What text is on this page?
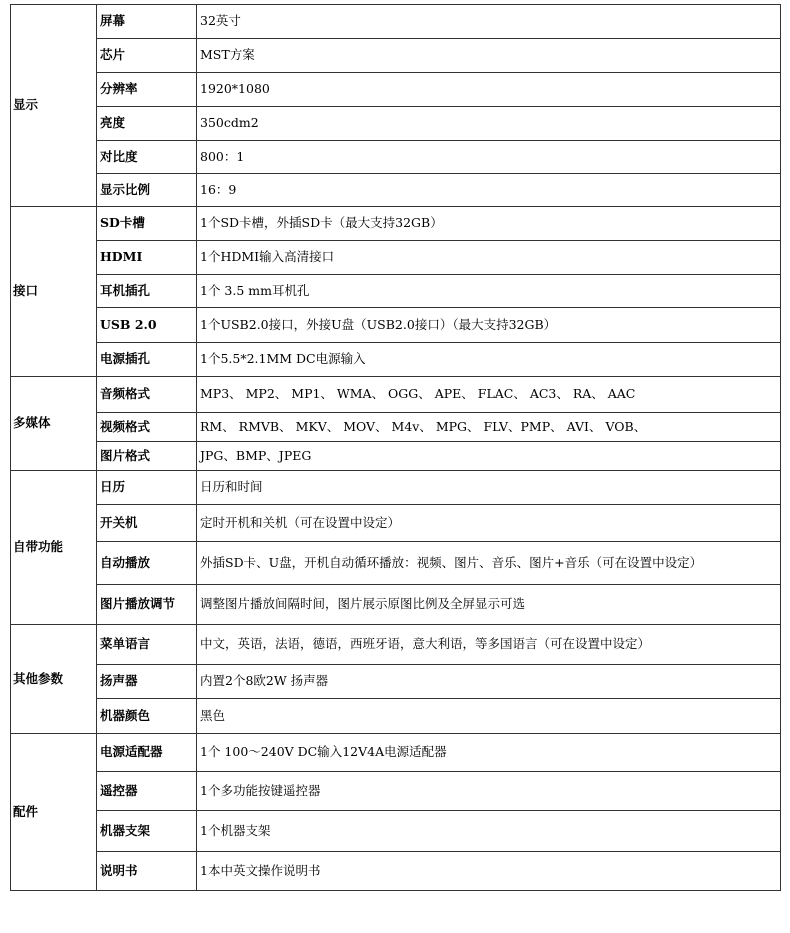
显示	屏幕	32英寸
	芯片	MST方案
	分辨率	1920*1080
	亮度	350cdm2
	对比度	800：1
	显示比例	16：9
接口	SD卡槽	1个SD卡槽，外插SD卡（最大支持32GB）
	HDMI	1个HDMI输入高清接口
	耳机插孔	1个 3.5 mm耳机孔
	USB 2.0	1个USB2.0接口，外接U盘（USB2.0接口）（最大支持32GB）
	电源插孔	1个5.5*2.1MM DC电源输入
多媒体	音频格式	MP3、 MP2、 MP1、 WMA、 OGG、 APE、 FLAC、 AC3、 RA、 AAC
	视频格式	RM、 RMVB、 MKV、 MOV、 M4v、 MPG、 FLV、PMP、 AVI、 VOB、
	图片格式	JPG、BMP、JPEG
自带功能	日历	日历和时间
	开关机	定时开机和关机（可在设置中设定）
	自动播放	外插SD卡、U盘，开机自动循环播放：视频、图片、音乐、图片+音乐（可在设置中设定）
	图片播放调节	调整图片播放间隔时间，图片展示原图比例及全屏显示可选
其他参数	菜单语言	中文，英语，法语，德语，西班牙语，意大利语，等多国语言（可在设置中设定）
	扬声器	内置2个8欧2W 扬声器
	机器颜色	黑色
配件	电源适配器	1个 100～240V DC输入12V4A电源适配器
	遥控器	1个多功能按键遥控器
	机器支架	1个机器支架
	说明书	1本中英文操作说明书
